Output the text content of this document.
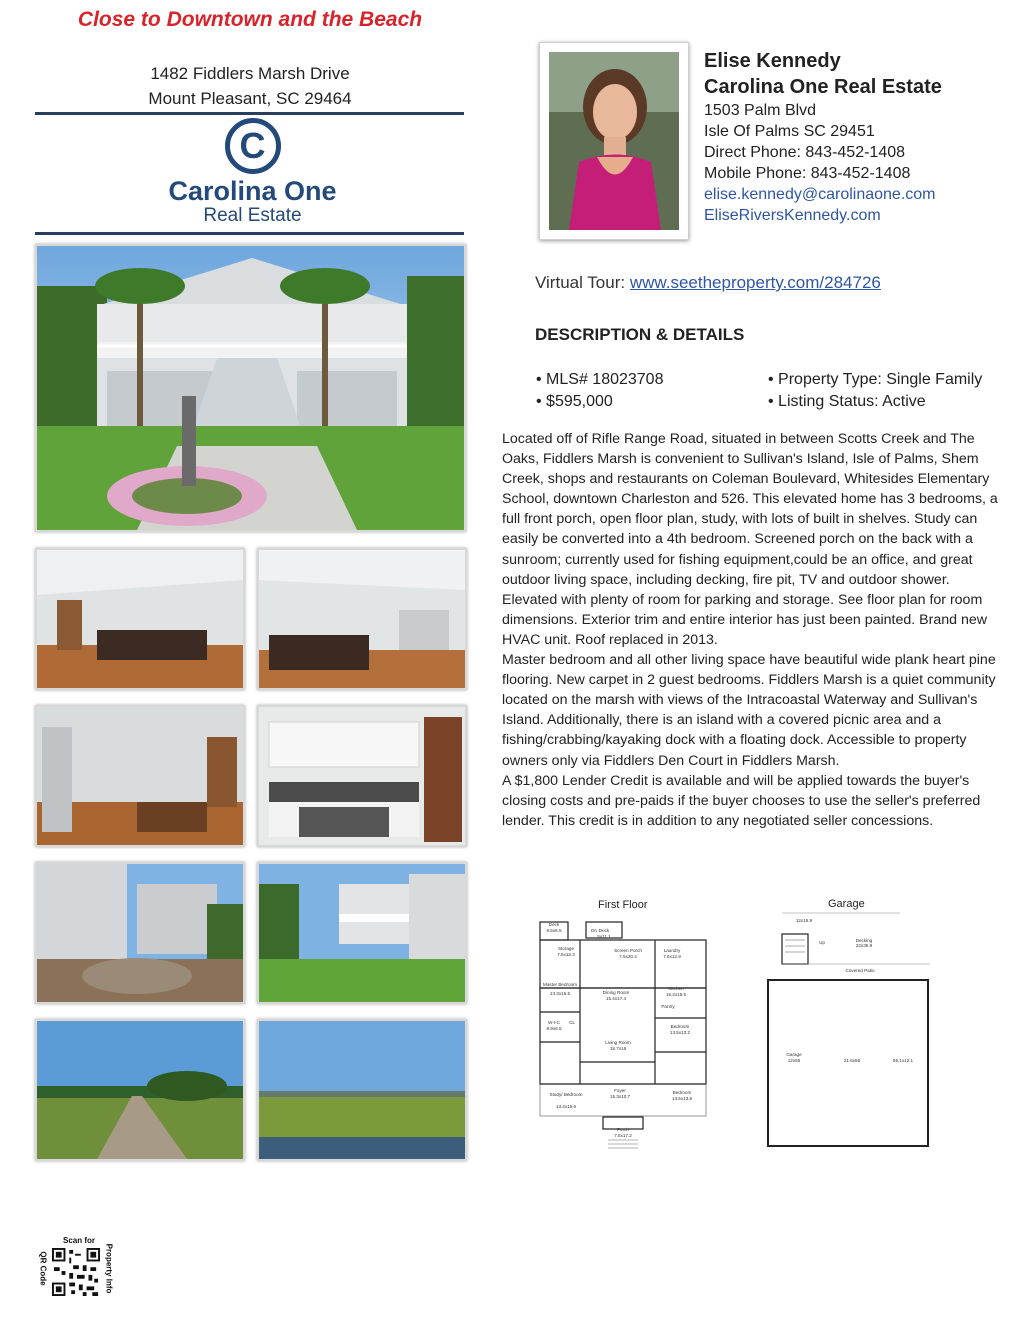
Close to Downtown and the Beach
1482 Fiddlers Marsh Drive
Mount Pleasant, SC 29464
C
Carolina One
Real Estate
Elise Kennedy
Carolina One Real Estate
1503 Palm Blvd
Isle Of Palms SC 29451
Direct Phone: 843-452-1408
Mobile Phone: 843-452-1408
elise.kennedy@carolinaone.com
EliseRiversKennedy.com
Virtual Tour: www.seetheproperty.com/284726
DESCRIPTION & DETAILS
• MLS# 18023708
• $595,000
• Property Type: Single Family
• Listing Status: Active

Located off of Rifle Range Road, situated in between Scotts Creek and The Oaks, Fiddlers Marsh is convenient to Sullivan's Island, Isle of Palms, Shem Creek, shops and restaurants on Coleman Boulevard, Whitesides Elementary School, downtown Charleston and 526. This elevated home has 3 bedrooms, a full front porch, open floor plan, study, with lots of built in shelves. Study can easily be converted into a 4th bedroom. Screened porch on the back with a sunroom; currently used for fishing equipment,could be an office, and great outdoor living space, including decking, fire pit, TV and outdoor shower. Elevated with plenty of room for parking and storage. See floor plan for room dimensions. Exterior trim and entire interior has just been painted. Brand new HVAC unit. Roof replaced in 2013.

Master bedroom and all other living space have beautiful wide plank heart pine flooring. New carpet in 2 guest bedrooms. Fiddlers Marsh is a quiet community located on the marsh with views of the Intracoastal Waterway and Sullivan's Island. Additionally, there is an island with a covered picnic area and a fishing/crabbing/kayaking dock with a floating dock. Accessible to property owners only via Fiddlers Den Court in Fiddlers Marsh.

A $1,800 Lender Credit is available and will be applied towards the buyer's closing costs and pre-paids if the buyer chooses to use the seller's preferred lender. This credit is in addition to any negotiated seller concessions.

First Floor	Garage
Deck
8.5x6.5	Deck
5x11.1
Dn
Storage
7.5x13.3
Screen Porch
7.5x20.4
Laundry
7.6x12.9
Master Bedroom
13.3x15.5	Dining Room
15.4x17.4
Kitchen
16.2x15.5
Pantry
W-I-C
8.9x6.5
CL
Bedroom
13.5x13.2
Living Room
19.7x16
Study/ Bedroom
13.4x15.6
Foyer
15.3x10.7
Bedroom
13.5x13.9
Porch
7.5x17.2
12x16.9
Up	Decking
22x35.9
Covered Patio
Garage
12x55	21.6x55	55.1x12.1
Scan for
QR Code	Property Info
